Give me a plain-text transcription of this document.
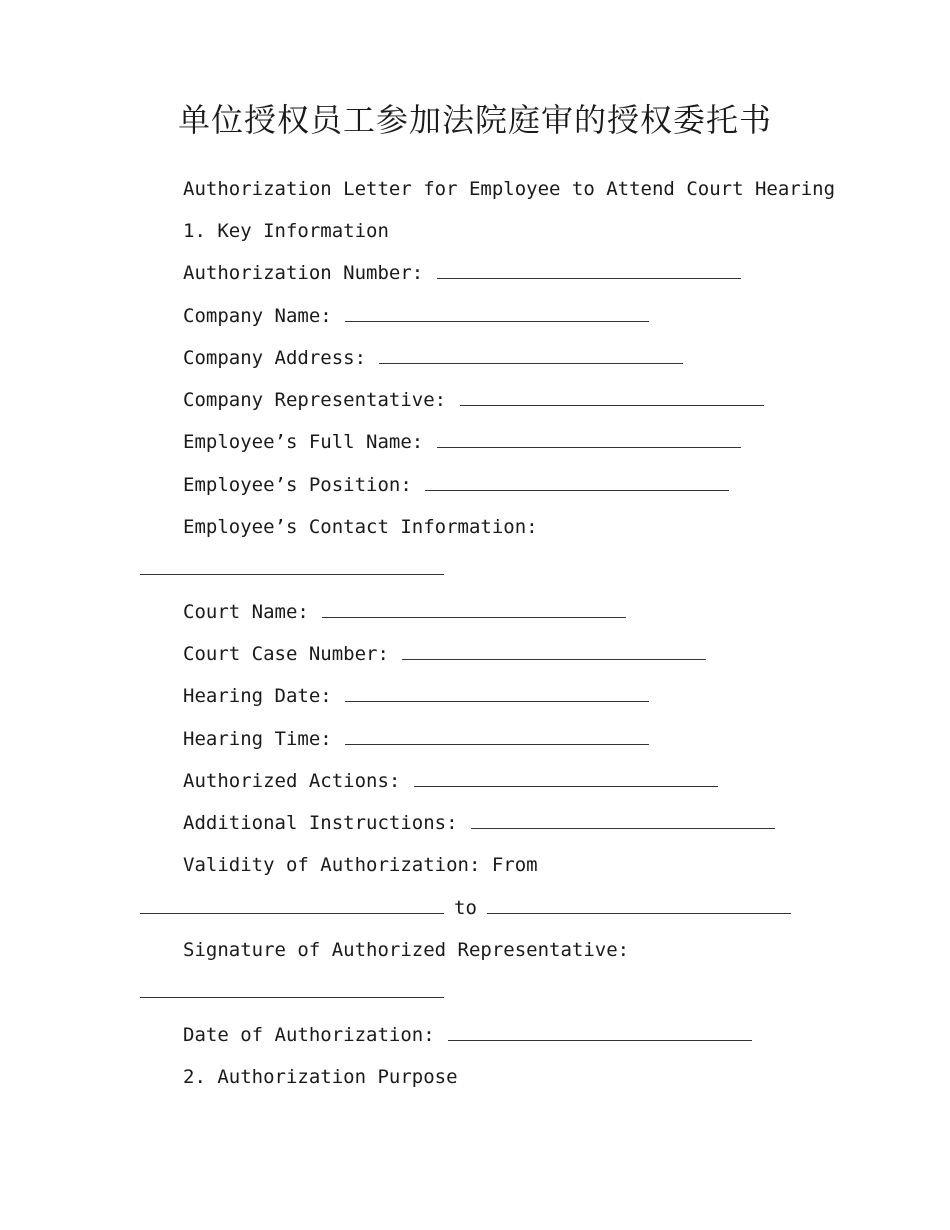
单位授权员工参加法院庭审的授权委托书

Authorization Letter for Employee to Attend Court Hearing

1. Key Information

Authorization Number:

Company Name:

Company Address:

Company Representative:

Employee’s Full Name:

Employee’s Position:

Employee’s Contact Information:

Court Name:

Court Case Number:

Hearing Date:

Hearing Time:

Authorized Actions:

Additional Instructions:

Validity of Authorization: From

to

Signature of Authorized Representative:

Date of Authorization:

2. Authorization Purpose
